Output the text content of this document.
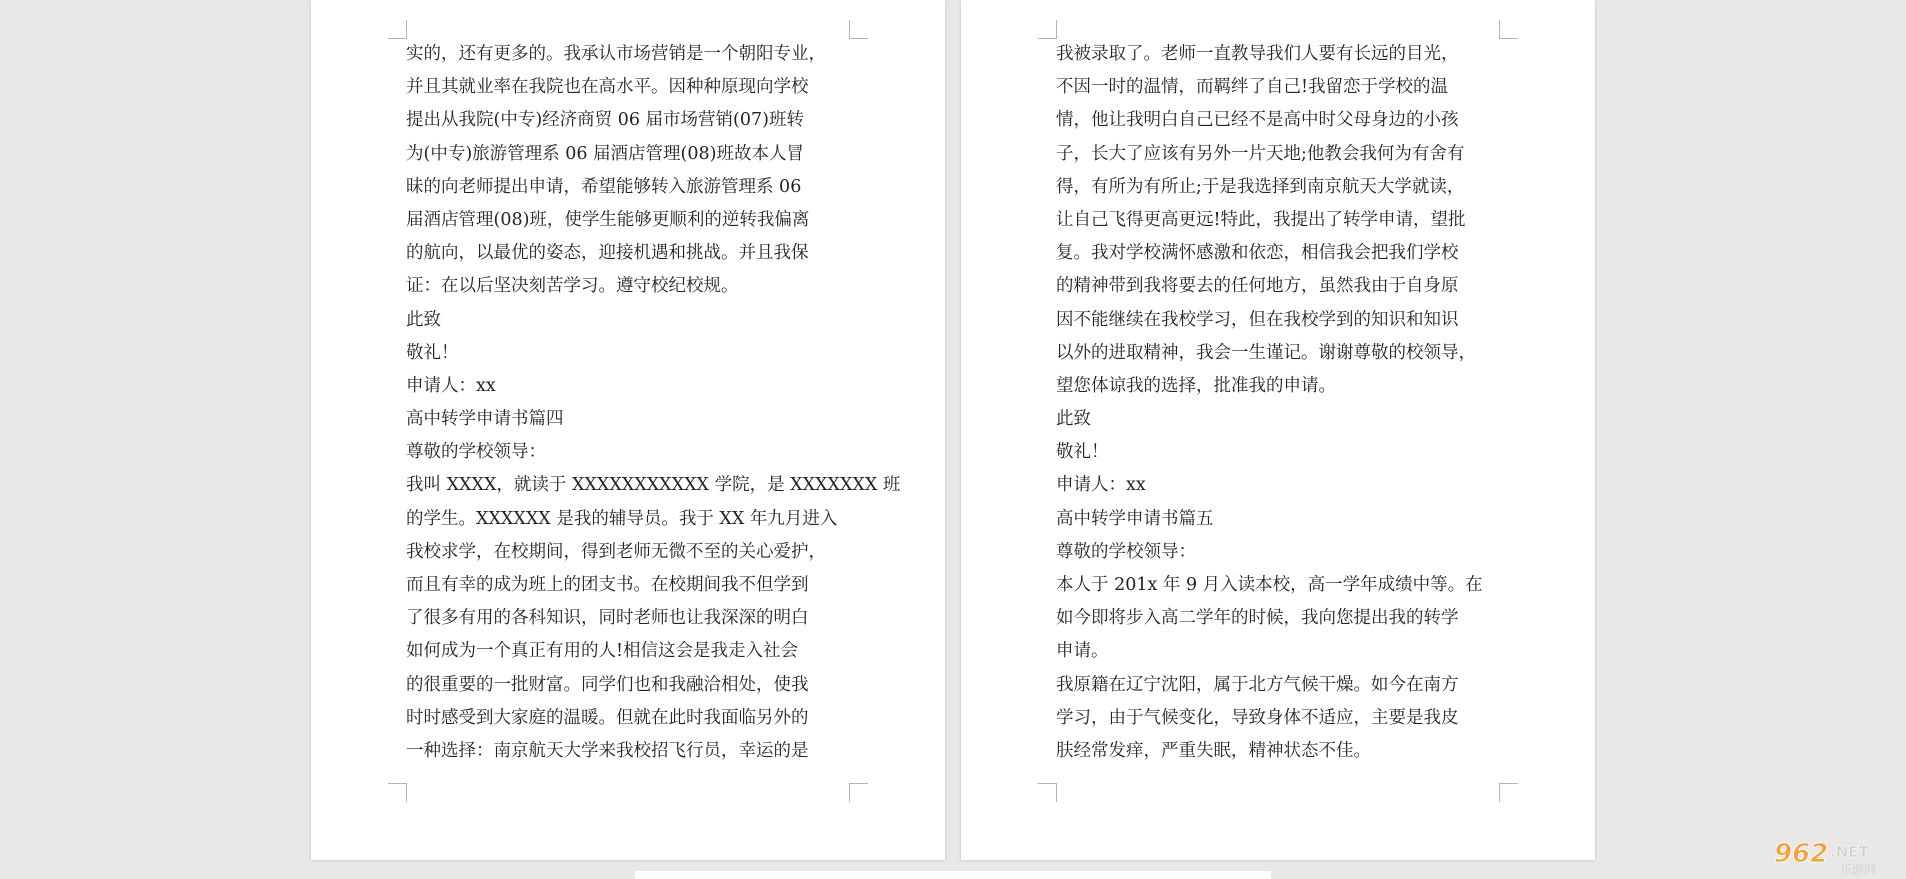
实的，还有更多的。我承认市场营销是一个朝阳专业，
并且其就业率在我院也在高水平。因种种原现向学校
提出从我院(中专)经济商贸 06 届市场营销(07)班转
为(中专)旅游管理系 06 届酒店管理(08)班故本人冒
昧的向老师提出申请，希望能够转入旅游管理系 06
届酒店管理(08)班，使学生能够更顺利的逆转我偏离
的航向，以最优的姿态，迎接机遇和挑战。并且我保
证：在以后坚决刻苦学习。遵守校纪校规。
此致
敬礼！
申请人：xx
高中转学申请书篇四
尊敬的学校领导：
我叫 XXXX，就读于 XXXXXXXXXXX 学院，是 XXXXXXX 班
的学生。XXXXXX 是我的辅导员。我于 XX 年九月进入
我校求学，在校期间，得到老师无微不至的关心爱护，
而且有幸的成为班上的团支书。在校期间我不但学到
了很多有用的各科知识，同时老师也让我深深的明白
如何成为一个真正有用的人!相信这会是我走入社会
的很重要的一批财富。同学们也和我融洽相处，使我
时时感受到大家庭的温暖。但就在此时我面临另外的
一种选择：南京航天大学来我校招飞行员，幸运的是
我被录取了。老师一直教导我们人要有长远的目光，
不因一时的温情，而羁绊了自己!我留恋于学校的温
情，他让我明白自己已经不是高中时父母身边的小孩
子，长大了应该有另外一片天地;他教会我何为有舍有
得，有所为有所止;于是我选择到南京航天大学就读，
让自己飞得更高更远!特此，我提出了转学申请，望批
复。我对学校满怀感激和依恋，相信我会把我们学校
的精神带到我将要去的任何地方，虽然我由于自身原
因不能继续在我校学习，但在我校学到的知识和知识
以外的进取精神，我会一生谨记。谢谢尊敬的校领导，
望您体谅我的选择，批准我的申请。
此致
敬礼！
申请人：xx
高中转学申请书篇五
尊敬的学校领导：
本人于 201x 年 9 月入读本校，高一学年成绩中等。在
如今即将步入高二学年的时候，我向您提出我的转学
申请。
我原籍在辽宁沈阳，属于北方气候干燥。如今在南方
学习，由于气候变化，导致身体不适应，主要是我皮
肤经常发痒，严重失眠，精神状态不佳。
962 .NET
乐游网
